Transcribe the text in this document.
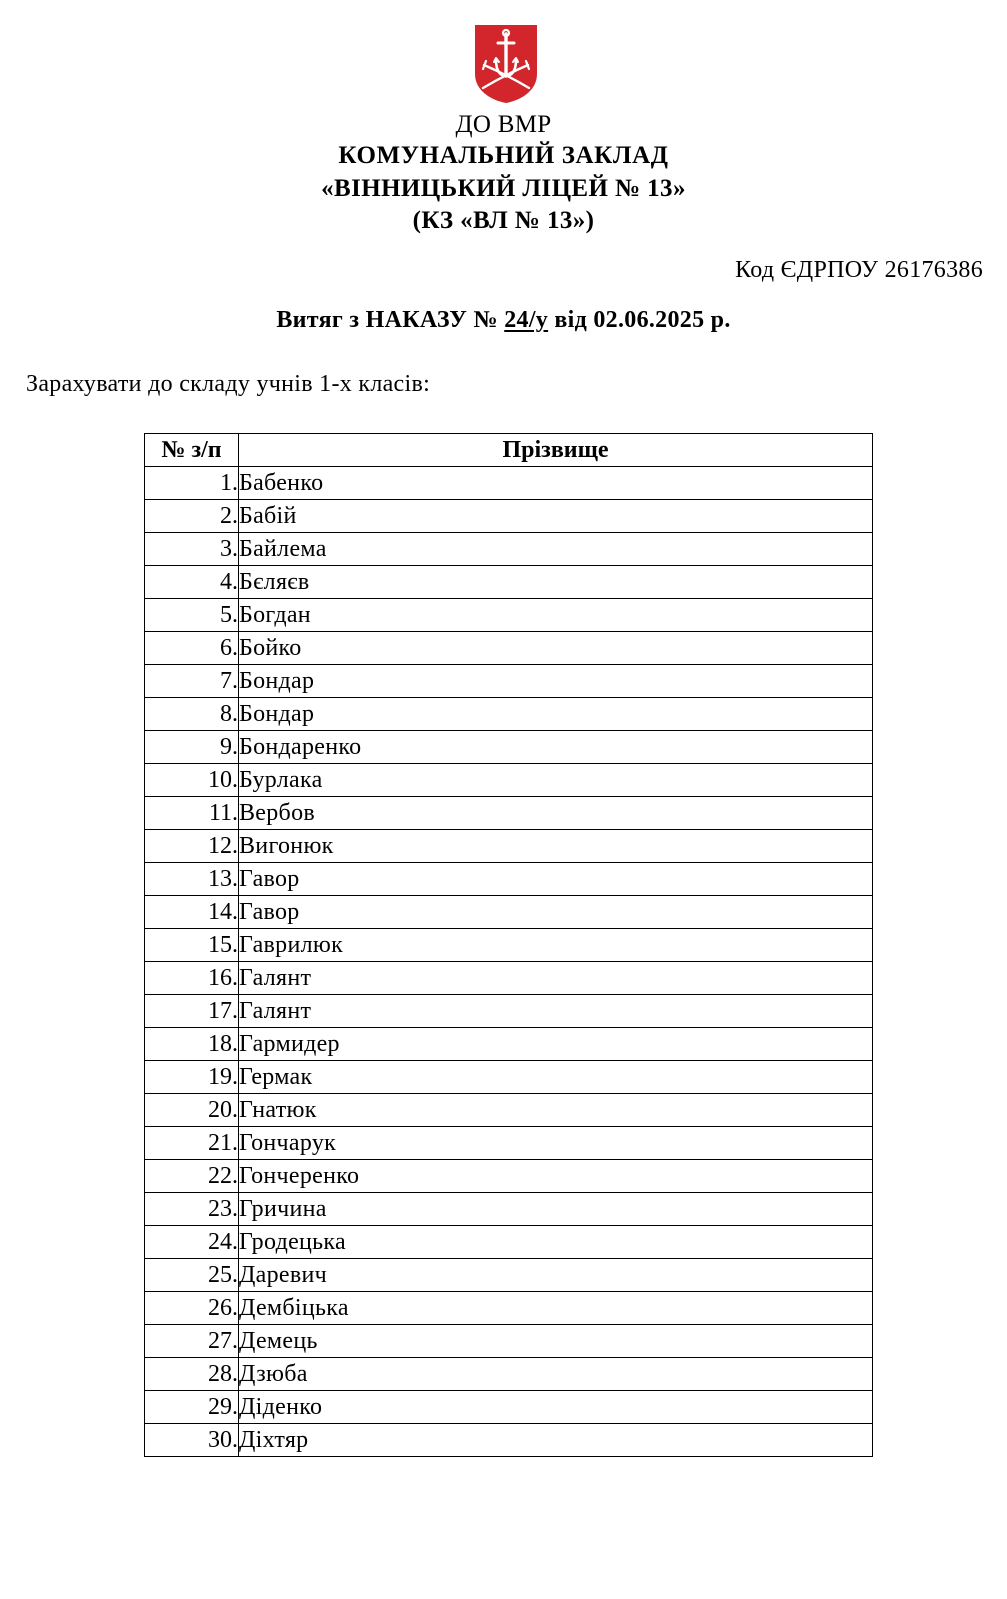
ДО ВМР
КОМУНАЛЬНИЙ ЗАКЛАД
«ВІННИЦЬКИЙ ЛІЦЕЙ № 13»
(КЗ «ВЛ № 13»)
Код ЄДРПОУ 26176386
Витяг з НАКАЗУ № 24/у від 02.06.2025 р.
Зарахувати до складу учнів 1-х класів:
№ з/п	Прізвище
1.	Бабенко
2.	Бабій
3.	Байлема
4.	Бєляєв
5.	Богдан
6.	Бойко
7.	Бондар
8.	Бондар
9.	Бондаренко
10.	Бурлака
11.	Вербов
12.	Вигонюк
13.	Гавор
14.	Гавор
15.	Гаврилюк
16.	Галянт
17.	Галянт
18.	Гармидер
19.	Гермак
20.	Гнатюк
21.	Гончарук
22.	Гончеренко
23.	Гричина
24.	Гродецька
25.	Даревич
26.	Дембіцька
27.	Демець
28.	Дзюба
29.	Діденко
30.	Діхтяр
